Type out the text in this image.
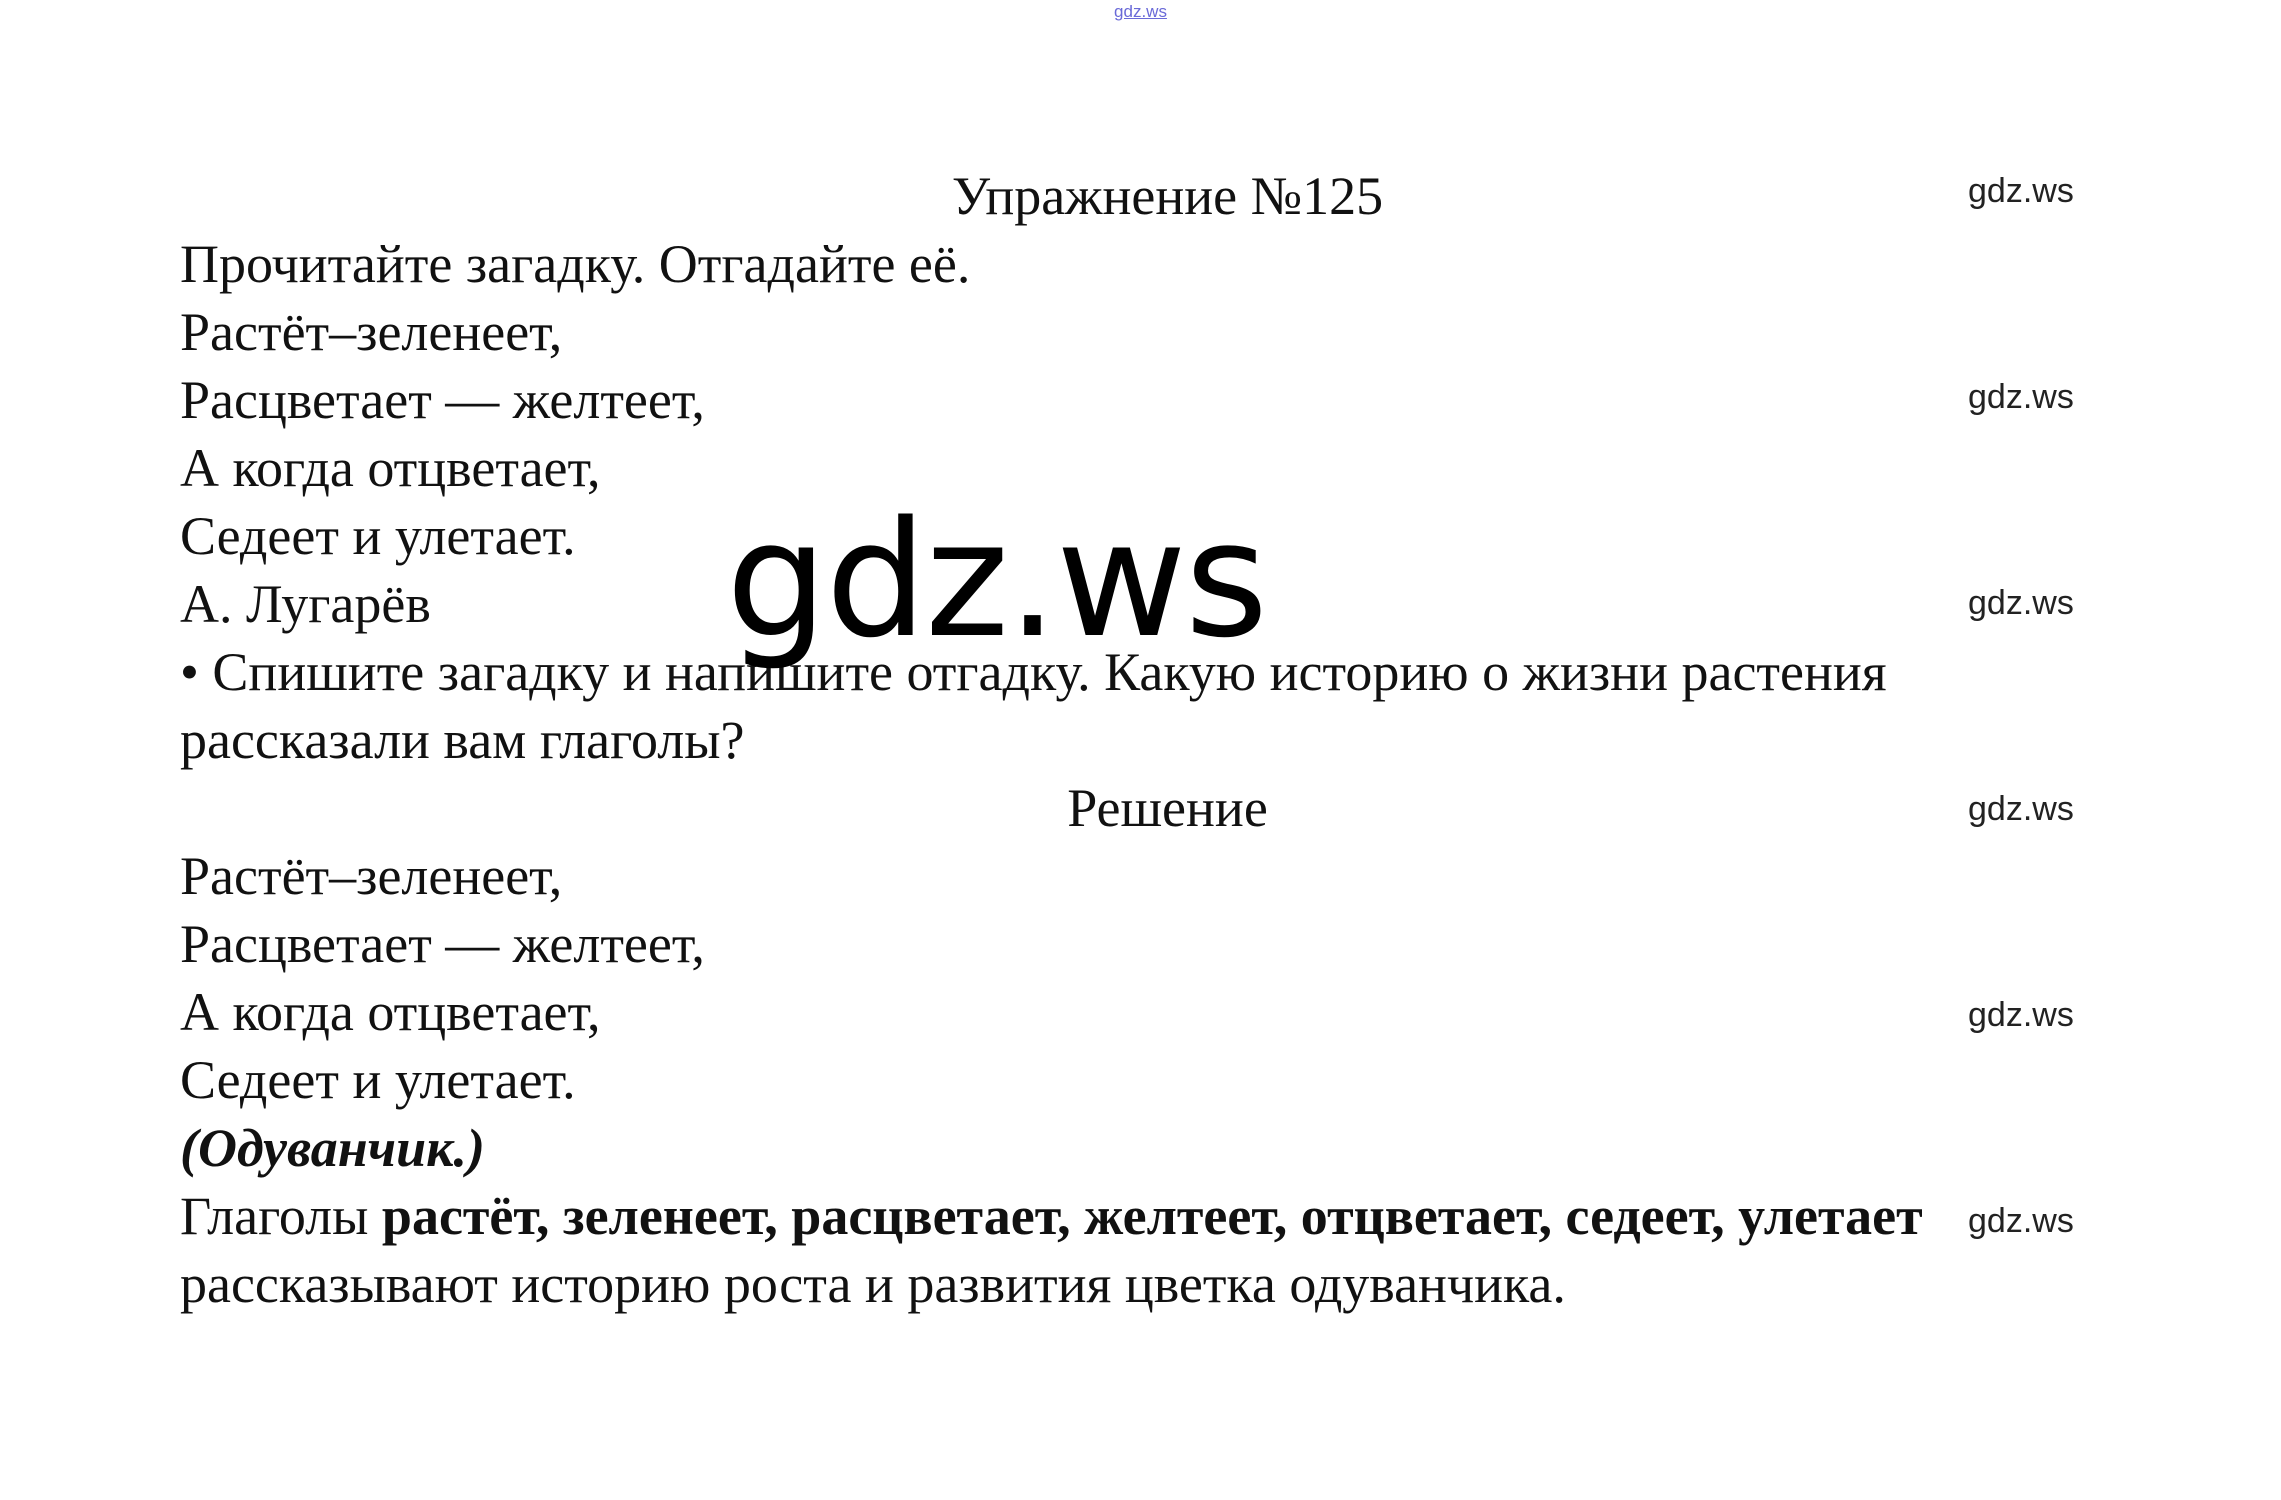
gdz.ws
Упражнение №125
Прочитайте загадку. Отгадайте её.
Растёт–зеленеет,
Расцветает — желтеет,
А когда отцветает,
Седеет и улетает.
А. Лугарёв
• Спишите загадку и напишите отгадку. Какую историю о жизни растения рассказали вам глаголы?
Решение
Растёт–зеленеет,
Расцветает — желтеет,
А когда отцветает,
Седеет и улетает.
(Одуванчик.)
Глаголы растёт, зеленеет, расцветает, желтеет, отцветает, седеет, улетает рассказывают историю роста и развития цветка одуванчика.
gdz.ws
gdz.ws
gdz.ws
gdz.ws
gdz.ws
gdz.ws
gdz.ws
